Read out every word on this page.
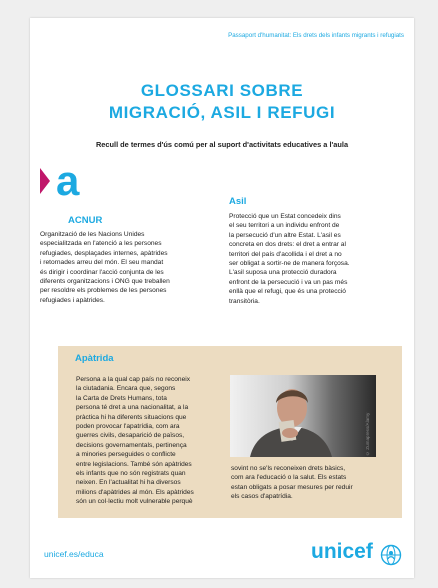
Passaport d'humanitat: Els drets dels infants migrants i refugiats
GLOSSARI SOBRE
MIGRACIÓ, ASIL I REFUGI
Recull de termes d'ús comú per al suport d'activitats educatives a l'aula
a
ACNUR
Organització de les Nacions Unides
especialitzada en l'atenció a les persones
refugiades, desplaçades internes, apàtrides
i retornades arreu del món. El seu mandat
és dirigir i coordinar l'acció conjunta de les
diferents organitzacions i ONG que treballen
per resoldre els problemes de les persones
refugiades i apàtrides.
Asil
Protecció que un Estat concedeix dins
el seu territori a un individu enfront de
la persecució d'un altre Estat. L'asil es
concreta en dos drets: el dret a entrar al
territori del país d'acollida i el dret a no
ser obligat a sortir-ne de manera forçosa.
L'asil suposa una protecció duradora
enfront de la persecució i va un pas més
enllà que el refugi, que és una protecció
transitòria.
Apàtrida
Persona a la qual cap país no reconeix
la ciutadania. Encara que, segons
la Carta de Drets Humans, tota
persona té dret a una nacionalitat, a la
pràctica hi ha diferents situacions que
poden provocar l'apatrídia, com ara
guerres civils, desaparició de països,
decisions governamentals, pertinença
a minories perseguides o conflicte
entre legislacions. També són apàtrides
els infants que no són registrats quan
neixen. En l'actualitat hi ha diversos
milions d'apàtrides al món. Els apàtrides
són un col·lectiu molt vulnerable perquè
© Zumapress/Alamy
sovint no se'ls reconeixen drets bàsics,
com ara l'educació o la salut. Els estats
estan obligats a posar mesures per reduir
els casos d'apatrídia.
unicef.es/educa	unicef
